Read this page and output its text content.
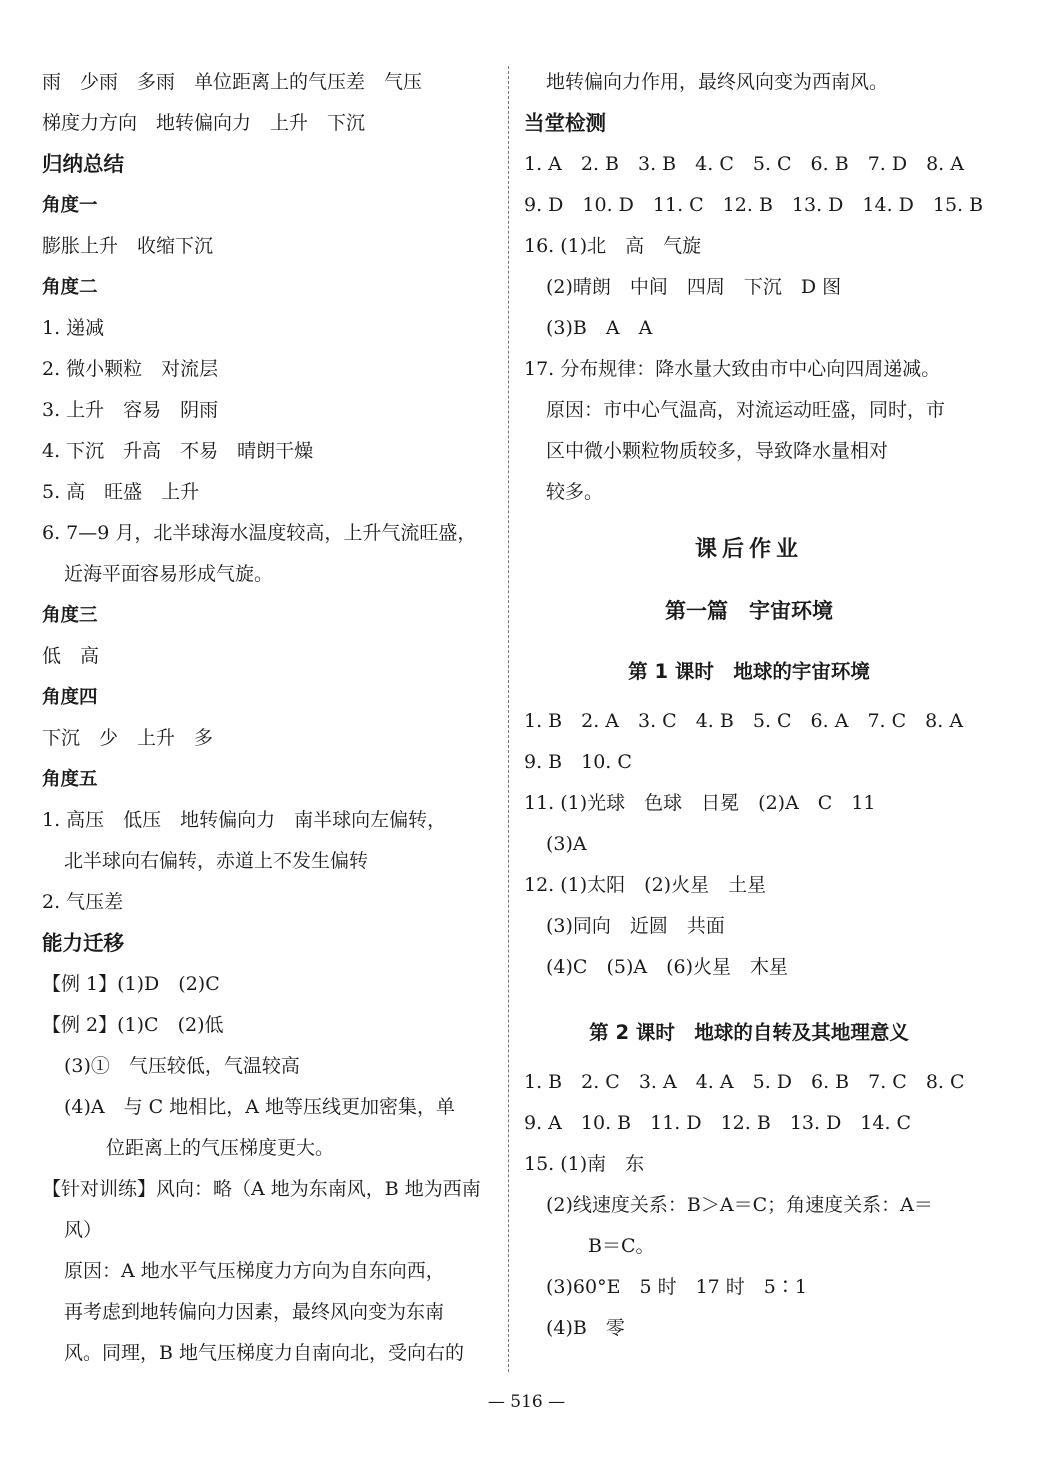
雨　少雨　多雨　单位距离上的气压差　气压
梯度力方向　地转偏向力　上升　下沉
归纳总结
角度一
膨胀上升　收缩下沉
角度二
1. 递减
2. 微小颗粒　对流层
3. 上升　容易　阴雨
4. 下沉　升高　不易　晴朗干燥
5. 高　旺盛　上升
6. 7—9 月，北半球海水温度较高，上升气流旺盛，
近海平面容易形成气旋。
角度三
低　高
角度四
下沉　少　上升　多
角度五
1. 高压　低压　地转偏向力　南半球向左偏转，
北半球向右偏转，赤道上不发生偏转
2. 气压差
能力迁移
【例 1】(1)D　(2)C
【例 2】(1)C　(2)低
(3)①　气压较低，气温较高
(4)A　与 C 地相比，A 地等压线更加密集，单
位距离上的气压梯度更大。
【针对训练】风向：略（A 地为东南风，B 地为西南
风）
原因：A 地水平气压梯度力方向为自东向西，
再考虑到地转偏向力因素，最终风向变为东南
风。同理，B 地气压梯度力自南向北，受向右的
地转偏向力作用，最终风向变为西南风。
当堂检测
1. A　2. B　3. B　4. C　5. C　6. B　7. D　8. A
9. D　10. D　11. C　12. B　13. D　14. D　15. B
16. (1)北　高　气旋
(2)晴朗　中间　四周　下沉　D 图
(3)B　A　A
17. 分布规律：降水量大致由市中心向四周递减。
原因：市中心气温高，对流运动旺盛，同时，市
区中微小颗粒物质较多，导致降水量相对
较多。
课后作业
第一篇　宇宙环境
第 1 课时　地球的宇宙环境
1. B　2. A　3. C　4. B　5. C　6. A　7. C　8. A
9. B　10. C
11. (1)光球　色球　日冕　(2)A　C　11
(3)A
12. (1)太阳　(2)火星　土星
(3)同向　近圆　共面
(4)C　(5)A　(6)火星　木星
第 2 课时　地球的自转及其地理意义
1. B　2. C　3. A　4. A　5. D　6. B　7. C　8. C
9. A　10. B　11. D　12. B　13. D　14. C
15. (1)南　东
(2)线速度关系：B＞A＝C；角速度关系：A＝
B＝C。
(3)60°E　5 时　17 时　5∶1
(4)B　零
— 516 —
